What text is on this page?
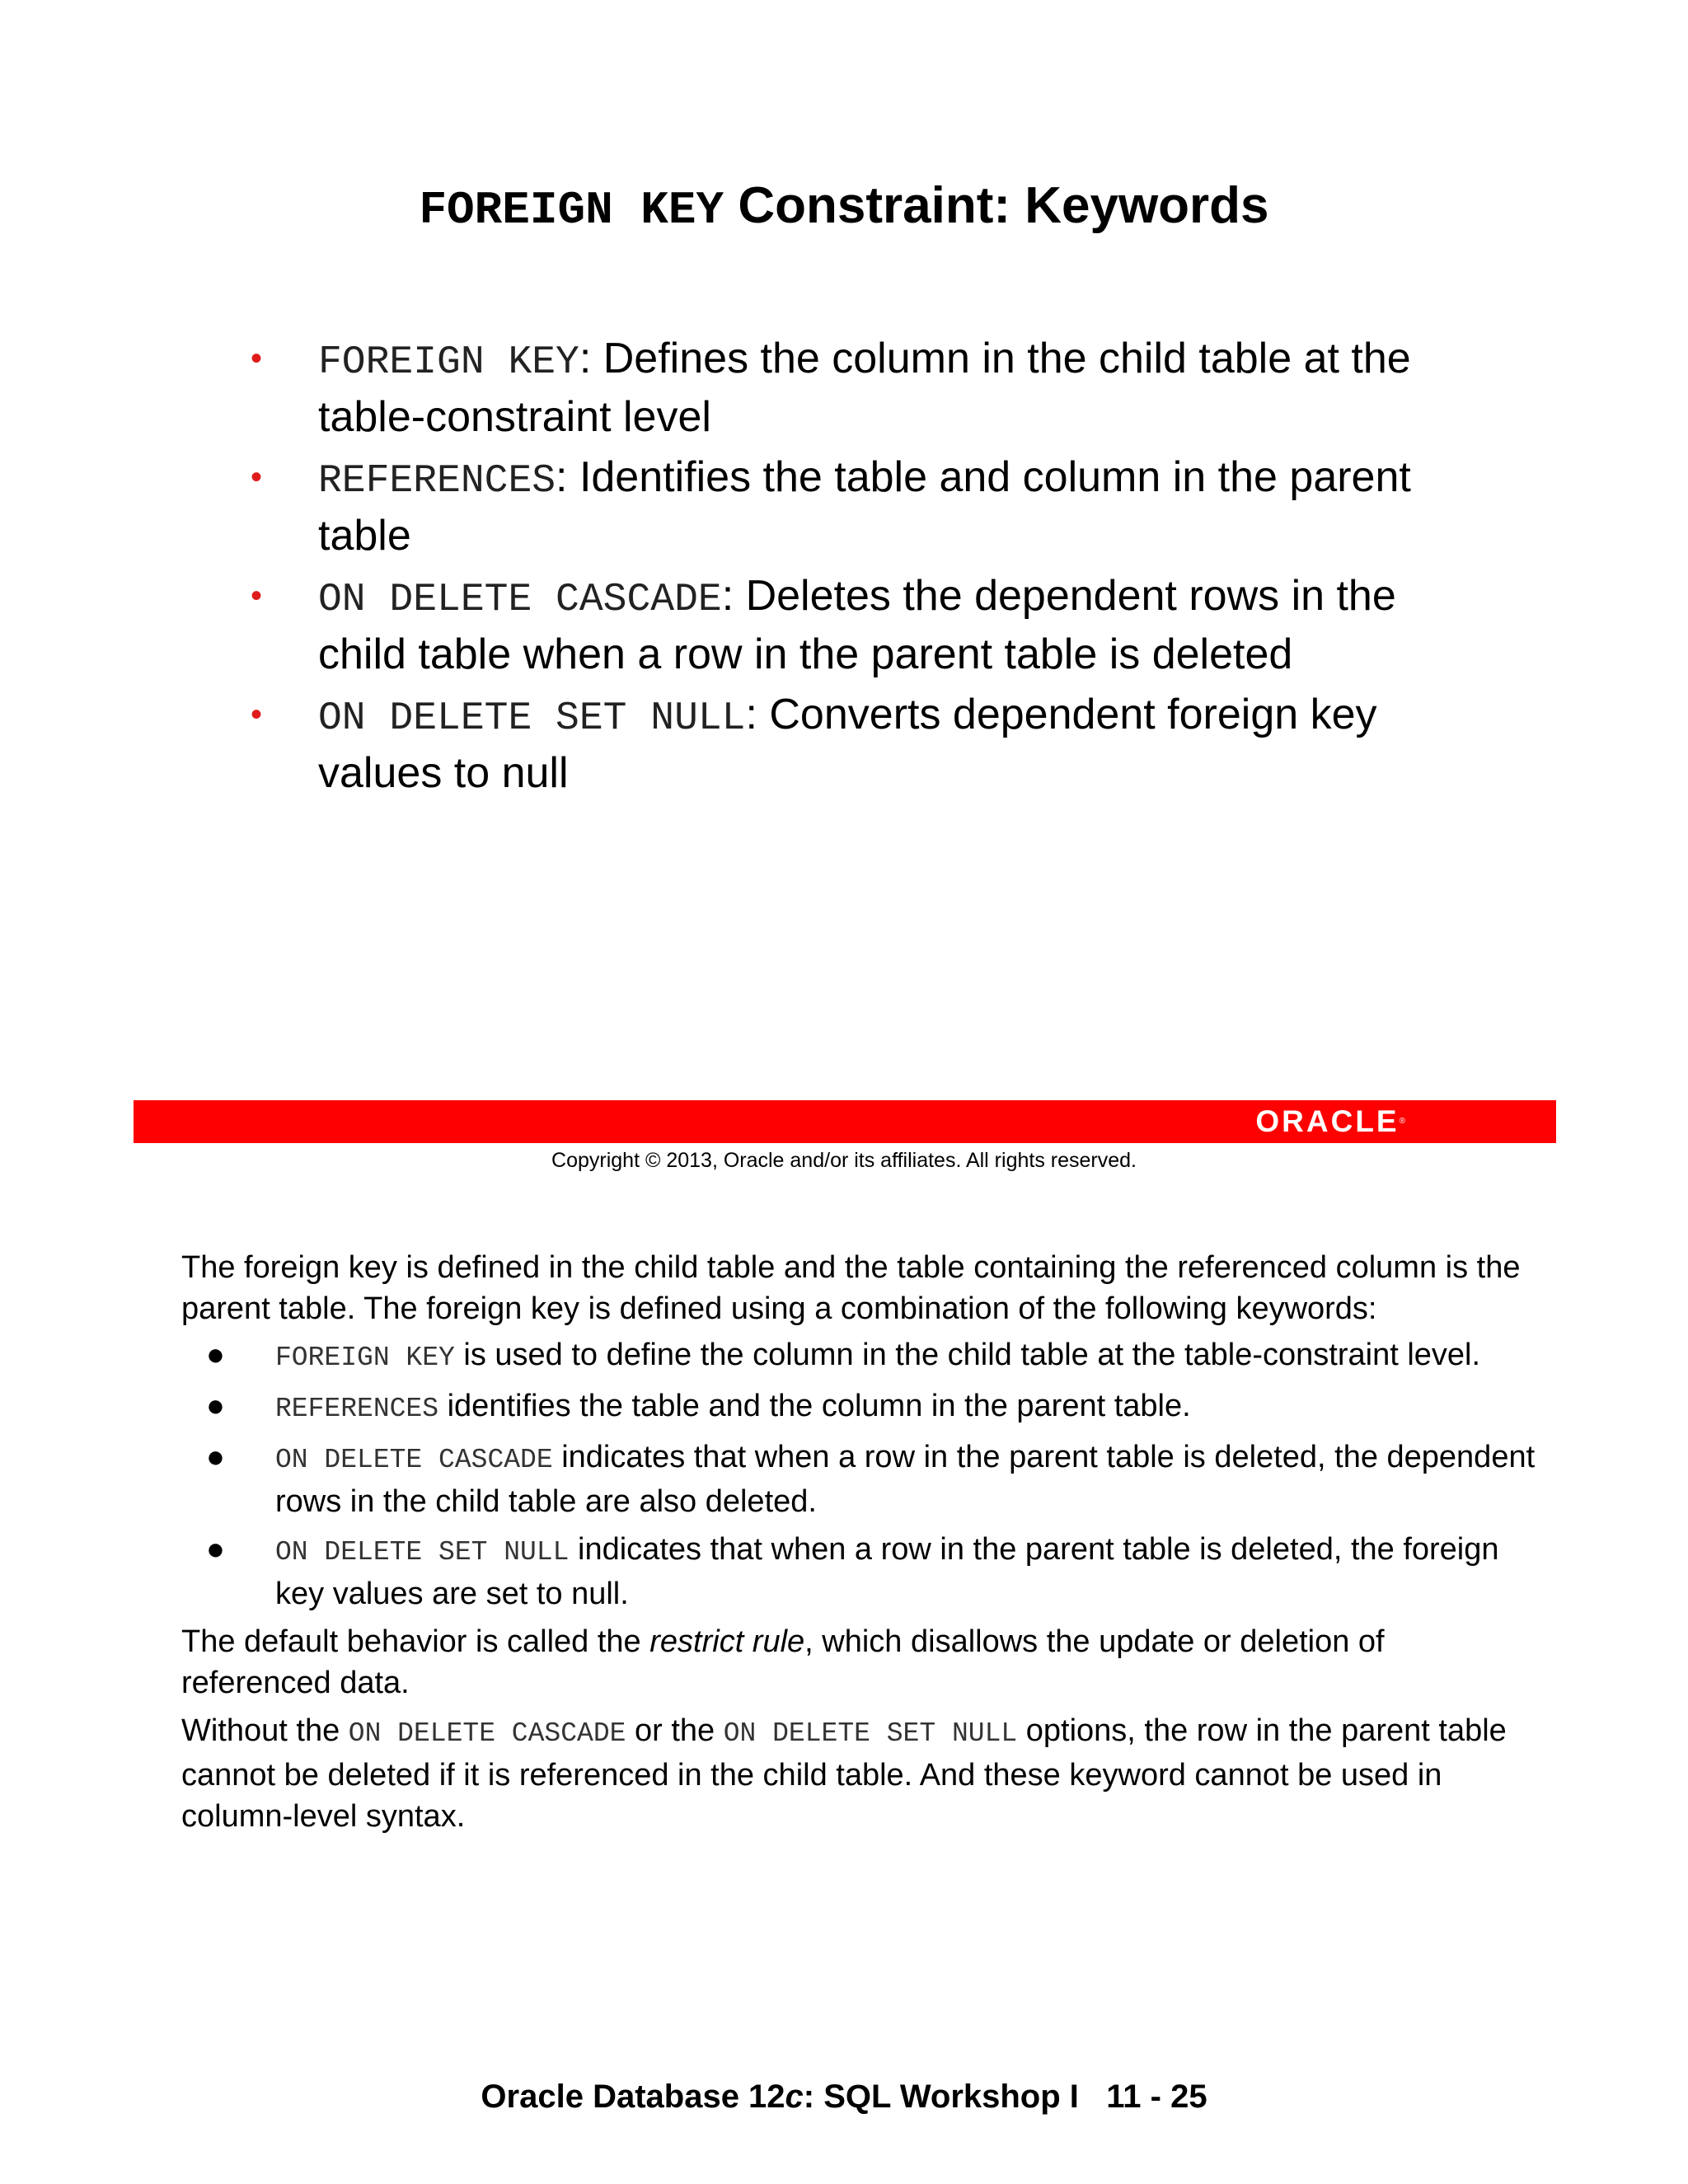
FOREIGN KEY Constraint: Keywords
• FOREIGN KEY: Defines the column in the child table at the table-constraint level
• REFERENCES: Identifies the table and column in the parent table
• ON DELETE CASCADE: Deletes the dependent rows in the child table when a row in the parent table is deleted
• ON DELETE SET NULL: Converts dependent foreign key values to null
ORACLE®
Copyright © 2013, Oracle and/or its affiliates. All rights reserved.

The foreign key is defined in the child table and the table containing the referenced column is the parent table. The foreign key is defined using a combination of the following keywords:

● FOREIGN KEY is used to define the column in the child table at the table-constraint level.
● REFERENCES identifies the table and the column in the parent table.
● ON DELETE CASCADE indicates that when a row in the parent table is deleted, the dependent rows in the child table are also deleted.
● ON DELETE SET NULL indicates that when a row in the parent table is deleted, the foreign key values are set to null.

The default behavior is called the restrict rule, which disallows the update or deletion of referenced data.

Without the ON DELETE CASCADE or the ON DELETE SET NULL options, the row in the parent table cannot be deleted if it is referenced in the child table. And these keyword cannot be used in column-level syntax.

Oracle Database 12c: SQL Workshop I   11 - 25
